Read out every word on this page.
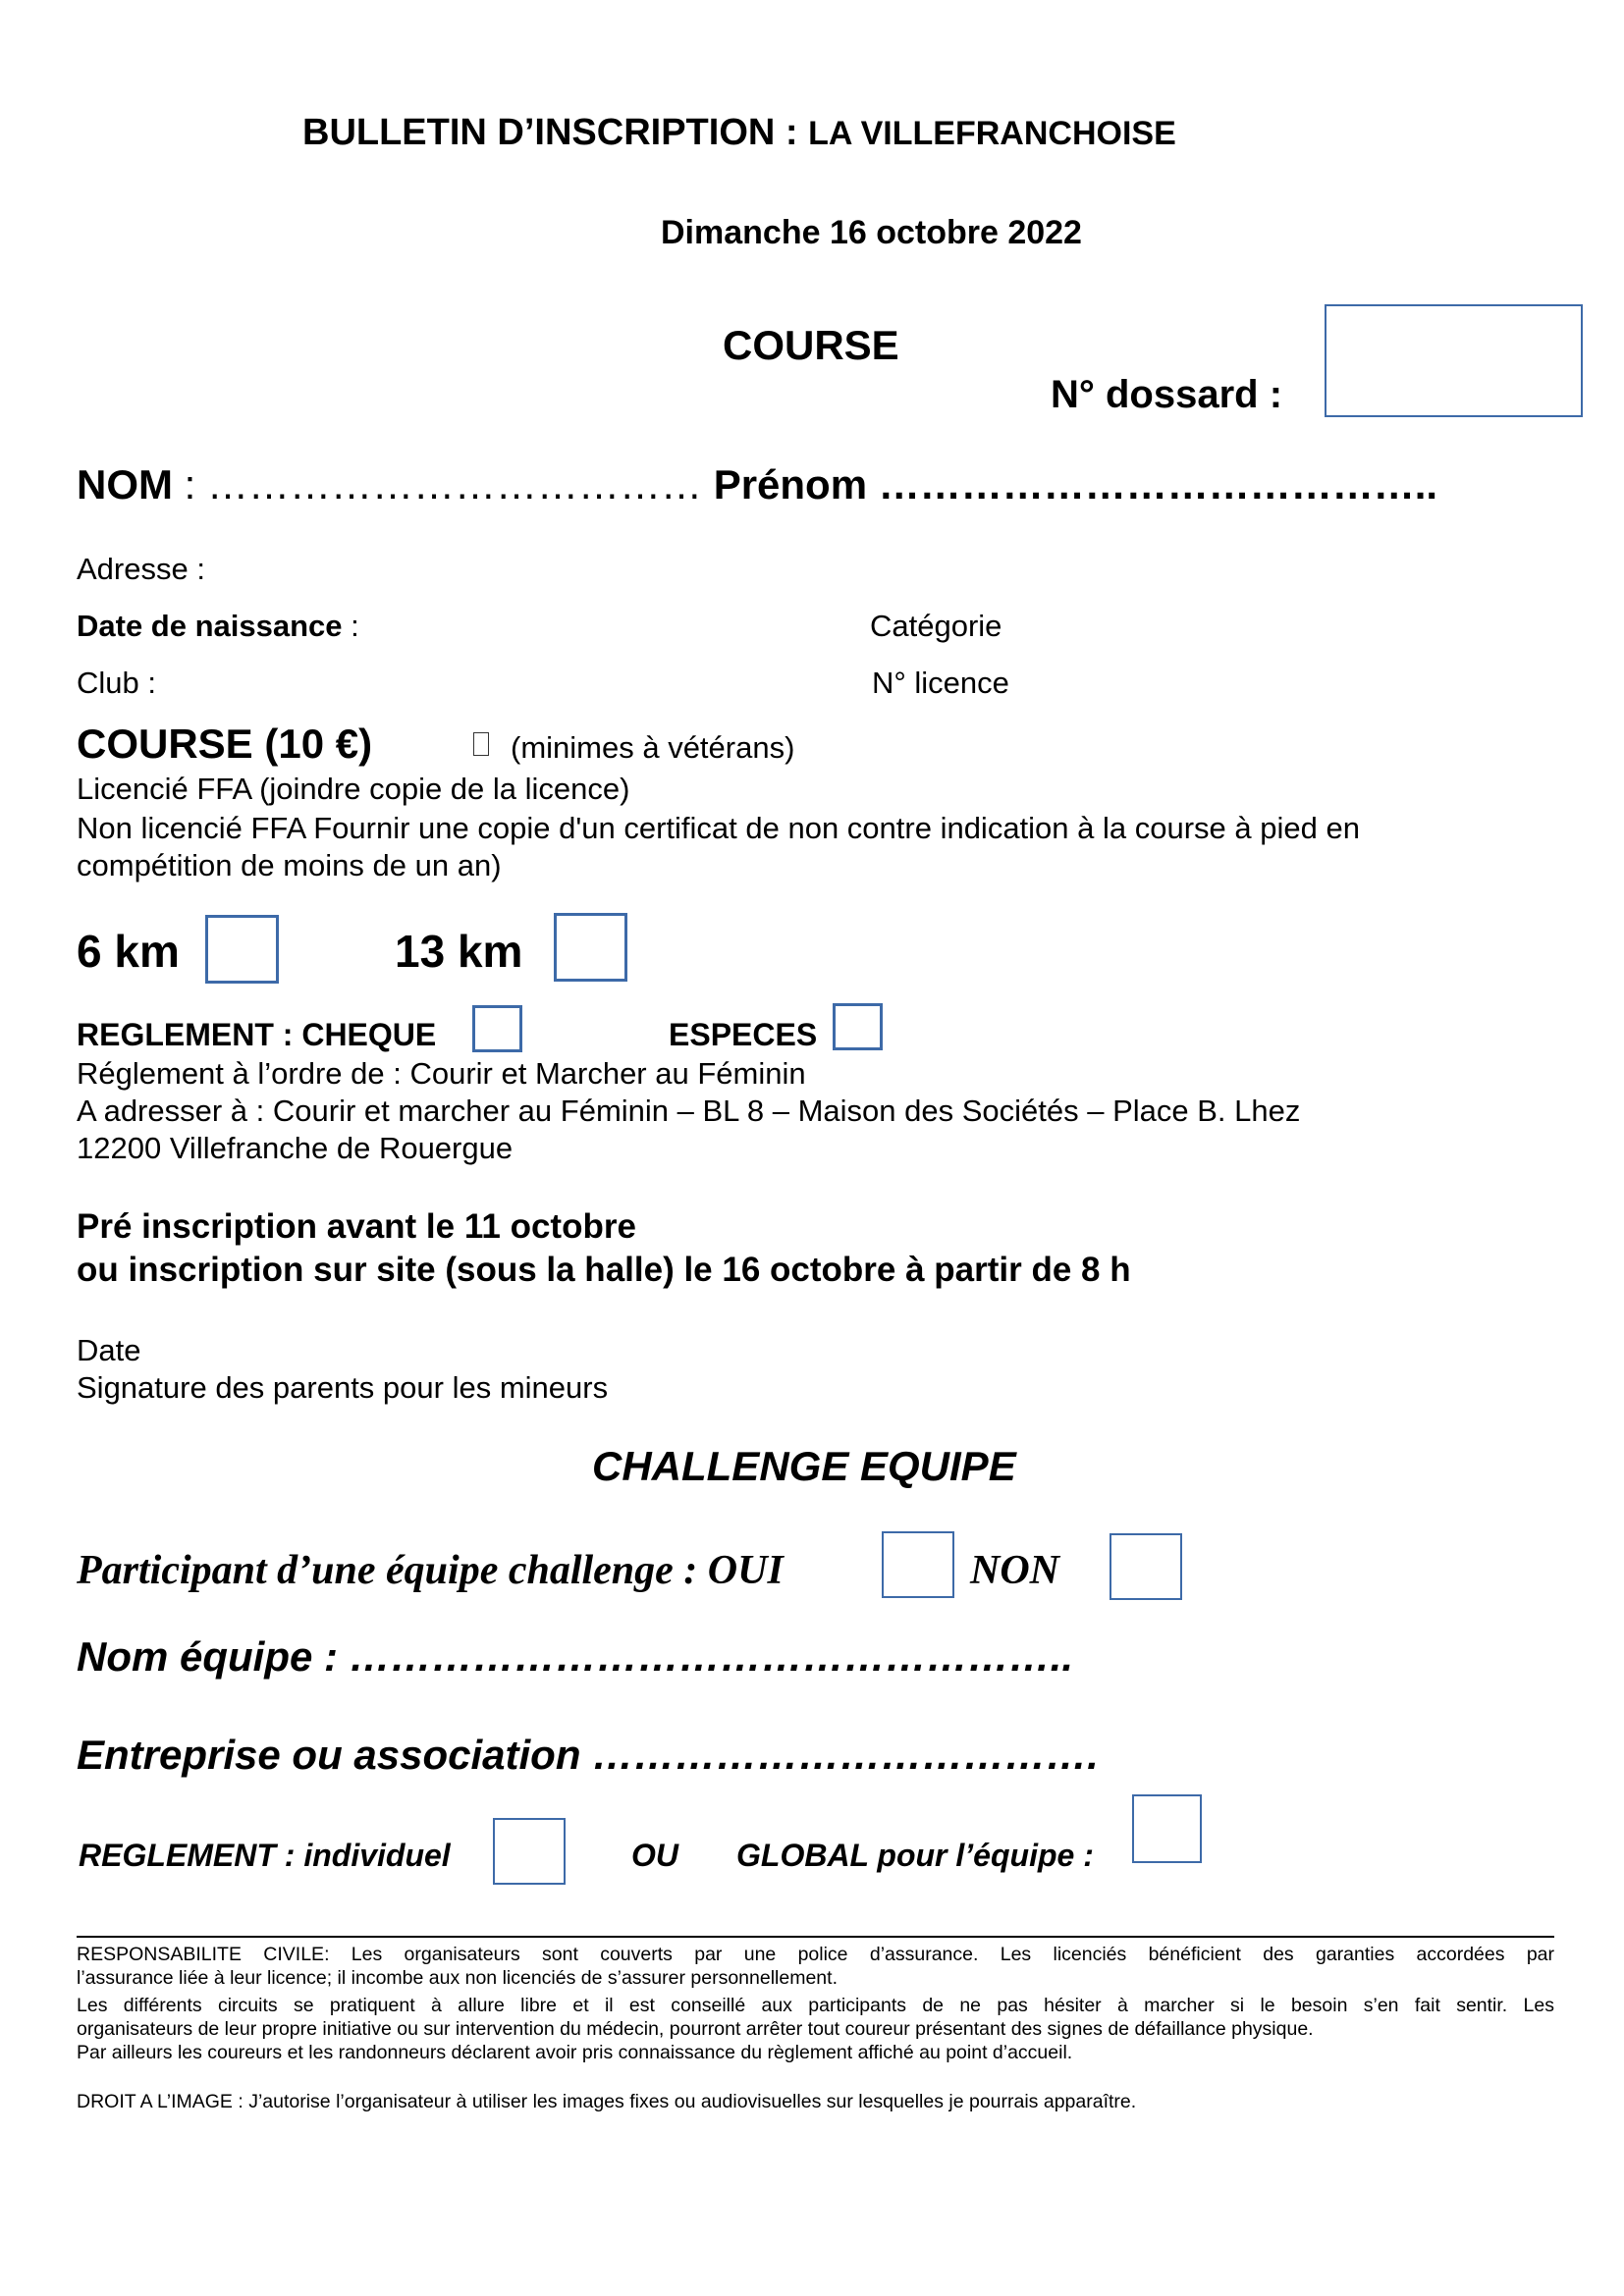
BULLETIN D’INSCRIPTION : LA VILLEFRANCHOISE
Dimanche 16 octobre 2022
COURSE
N° dossard :
NOM : ……………………………… Prénom …………………………………..
Adresse :
Date de naissance :	Catégorie
Club :	N° licence
COURSE (10 €)	(minimes à vétérans)
Licencié FFA (joindre copie de la licence)
Non licencié FFA Fournir une copie d'un certificat de non contre indication à la course à pied en
compétition de moins de un an)
6 km	13 km
REGLEMENT : CHEQUE	ESPECES
Réglement à l’ordre de : Courir et Marcher au Féminin
A adresser à : Courir et marcher au Féminin – BL 8 – Maison des Sociétés – Place B. Lhez
12200 Villefranche de Rouergue
Pré inscription avant le 11 octobre
ou inscription sur site (sous la halle) le 16 octobre à partir de 8 h
Date
Signature des parents pour les mineurs
CHALLENGE EQUIPE
Participant d’une équipe challenge : OUI	NON
Nom équipe : ……………………………………………..
Entreprise ou association ……………………………….
REGLEMENT : individuel	OU GLOBAL pour l’équipe :
RESPONSABILITE CIVILE: Les organisateurs sont couverts par une police d’assurance. Les licenciés bénéficient des garanties accordées par
l’assurance liée à leur licence; il incombe aux non licenciés de s’assurer personnellement.
Les différents circuits se pratiquent à allure libre et il est conseillé aux participants de ne pas hésiter à marcher si le besoin s’en fait sentir. Les
organisateurs de leur propre initiative ou sur intervention du médecin, pourront arrêter tout coureur présentant des signes de défaillance physique.
Par ailleurs les coureurs et les randonneurs déclarent avoir pris connaissance du règlement affiché au point d’accueil.
DROIT A L’IMAGE : J’autorise l’organisateur à utiliser les images fixes ou audiovisuelles sur lesquelles je pourrais apparaître.
